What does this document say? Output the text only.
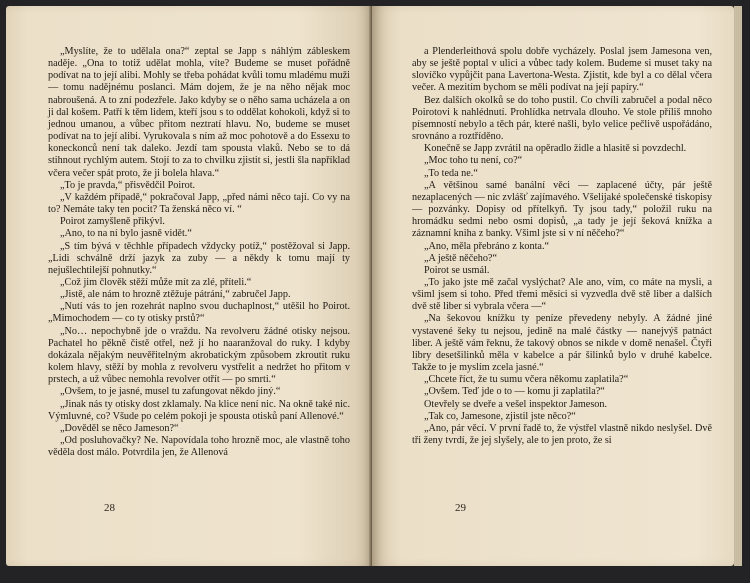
„Myslíte, že to udělala ona?“ zeptal se Japp s náhlým zábleskem naděje. „Ona to totiž udělat mohla, víte? Budeme se muset pořádně podívat na to její alibi. Mohly se třeba pohádat kvůli tomu mladému muži — tomu nadějnému poslanci. Mám dojem, že je na něho nějak moc nabroušená. A to zní podezřele. Jako kdyby se o něho sama ucházela a on ji dal košem. Patří k těm lidem, kteří jsou s to oddělat kohokoli, když si to jednou umanou, a vůbec přitom neztratí hlavu. No, budeme se muset podívat na to její alibi. Vyrukovala s ním až moc pohotově a do Essexu to koneckonců není tak daleko. Jezdí tam spousta vlaků. Nebo se to dá stihnout rychlým autem. Stojí to za to chvilku zjistit si, jestli šla například včera večer spát proto, že ji bolela hlava.“

„To je pravda,“ přisvědčil Poirot.

„V každém případě,“ pokračoval Japp, „před námi něco tají. Co vy na to? Nemáte taky ten pocit? Ta ženská něco ví. “

Poirot zamyšleně přikývl.

„Ano, to na ní bylo jasně vidět.“

„S tím bývá v těchhle případech vždycky potíž,“ postěžoval si Japp. „Lidi schválně drží jazyk za zuby — a někdy k tomu mají ty nejušlechtilejší pohnutky.“

„Což jim člověk stěží může mít za zlé, příteli.“

„Jistě, ale nám to hrozně ztěžuje pátrání,“ zabručel Japp.

„Nutí vás to jen rozehrát naplno svou duchaplnost,“ utěšil ho Poirot. „Mimochodem — co ty otisky prstů?“

„No… nepochybně jde o vraždu. Na revolveru žádné otisky nejsou. Pachatel ho pěkně čistě otřel, než jí ho naaranžoval do ruky. I kdyby dokázala nějakým neuvěřitelným akrobatickým způsobem zkroutit ruku kolem hlavy, stěží by mohla z revolveru vystřelit a nedržet ho přitom v prstech, a už vůbec nemohla revolver otřít — po smrti.“

„Ovšem, to je jasné, musel tu zafungovat někdo jiný.“

„Jinak nás ty otisky dost zklamaly. Na klice není nic. Na okně také nic. Výmluvné, co? Všude po celém pokoji je spousta otisků paní Allenové.“

„Dověděl se něco Jameson?“

„Od posluhovačky? Ne. Napovídala toho hrozně moc, ale vlastně toho věděla dost málo. Potvrdila jen, že Allenová

28

a Plenderleithová spolu dobře vycházely. Poslal jsem Jamesona ven, aby se ještě poptal v ulici a vůbec tady kolem. Budeme si muset taky na slovíčko vypůjčit pana Lavertona-Westa. Zjistit, kde byl a co dělal včera večer. A mezitím bychom se měli podívat na její papíry.“

Bez dalších okolků se do toho pustil. Co chvíli zabručel a podal něco Poirotovi k nahlédnutí. Prohlídka netrvala dlouho. Ve stole příliš mnoho písemností nebylo a těch pár, které našli, bylo velice pečlivě uspořádáno, srovnáno a roztříděno.

Konečně se Japp zvrátil na opěradlo židle a hlasitě si povzdechl.

„Moc toho tu není, co?“

„To teda ne.“

„A většinou samé banální věci — zaplacené účty, pár ještě nezaplacených — nic zvlášť zajímavého. Všelijaké společenské tiskopisy — pozvánky. Dopisy od přítelkyň. Ty jsou tady,“ položil ruku na hromádku sedmi nebo osmi dopisů, „a tady je její šeková knížka a záznamní kniha z banky. Všiml jste si v ní něčeho?“

„Ano, měla přebráno z konta.“

„A ještě něčeho?“

Poirot se usmál.

„To jako jste mě začal vyslýchat? Ale ano, vím, co máte na mysli, a všiml jsem si toho. Před třemi měsíci si vyzvedla dvě stě liber a dalších dvě stě liber si vybrala včera —“

„Na šekovou knížku ty peníze převedeny nebyly. A žádné jiné vystavené šeky tu nejsou, jedině na malé částky — nanejvýš patnáct liber. A ještě vám řeknu, že takový obnos se nikde v domě nenašel. Čtyři libry desetšilinků měla v kabelce a pár šilinků bylo v druhé kabelce. Takže to je myslím zcela jasné.“

„Chcete říct, že tu sumu včera někomu zaplatila?“

„Ovšem. Teď jde o to — komu ji zaplatila?“

Otevřely se dveře a vešel inspektor Jameson.

„Tak co, Jamesone, zjistil jste něco?“

„Ano, pár věcí. V první řadě to, že výstřel vlastně nikdo neslyšel. Dvě tři ženy tvrdí, že jej slyšely, ale to jen proto, že si

29
